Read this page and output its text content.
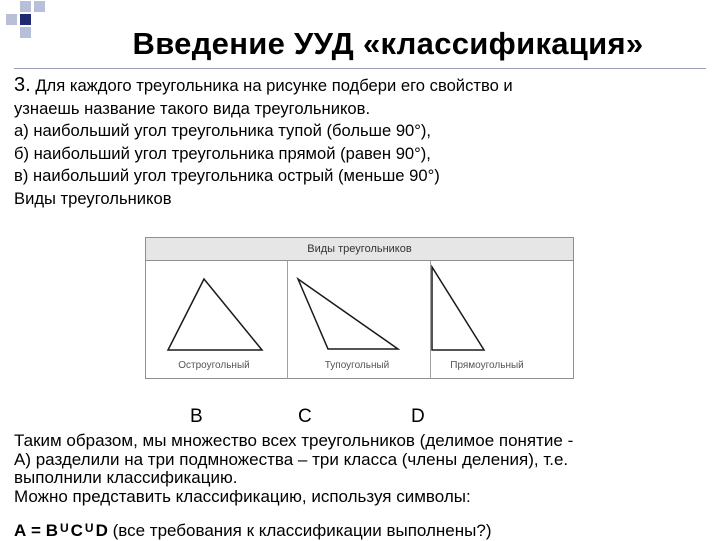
Введение УУД «классификация»
3. Для каждого треугольника на рисунке подбери его свойство и
узнаешь название такого вида треугольников.
а) наибольший угол треугольника тупой (больше 90°),
б) наибольший угол треугольника прямой (равен 90°),
в) наибольший угол треугольника острый (меньше 90°)
Виды треугольников
Виды треугольников
Остроугольный	Тупоугольный	Прямоугольный
B	C	D
Таким образом, мы множество всех треугольников (делимое понятие -
А) разделили на три подмножества – три класса (члены деления), т.е.
выполнили классификацию.
Можно представить классификацию, используя символы:
A = B $^U$ C $^U$ D (все требования к классификации выполнены?)
